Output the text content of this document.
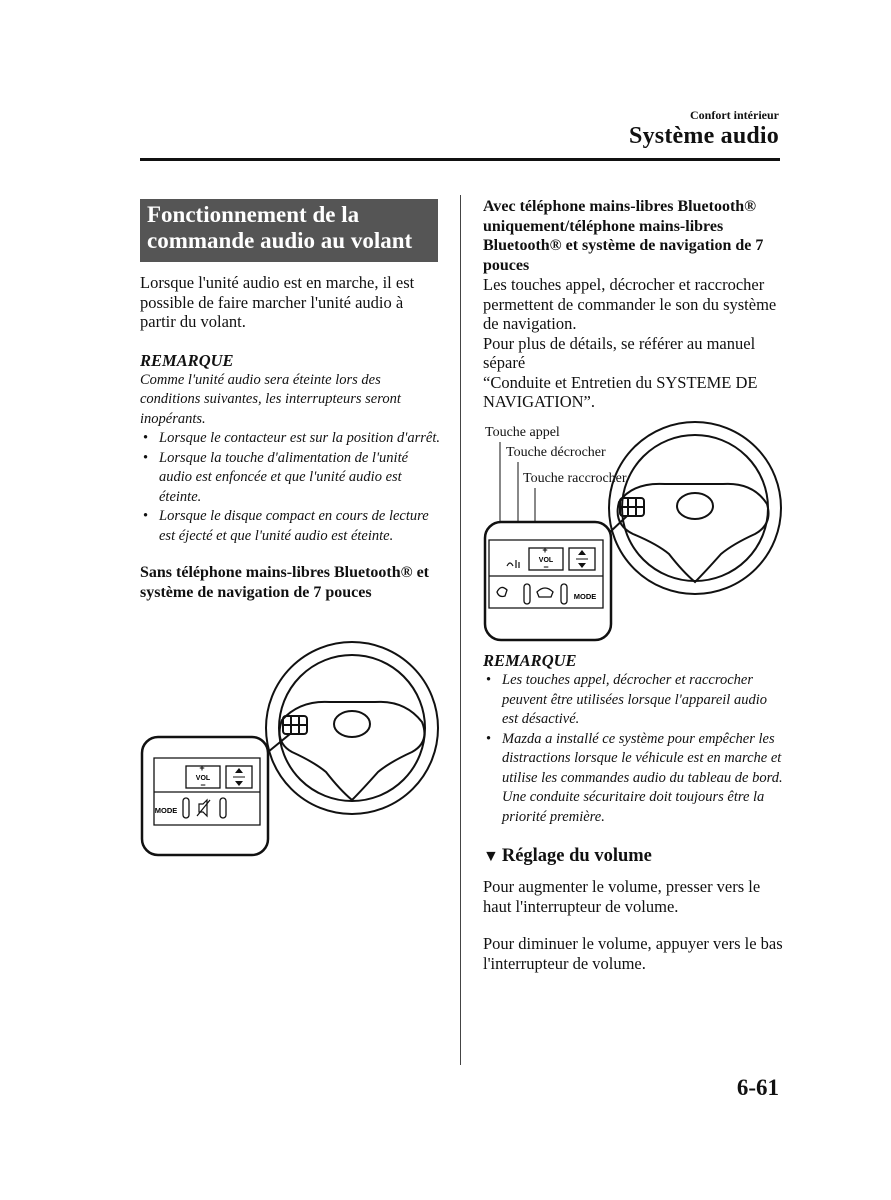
Confort intérieur
Système audio
Fonctionnement de la
commande audio au volant

Lorsque l'unité audio est en marche, il est possible de faire marcher l'unité audio à partir du volant.

REMARQUE

Comme l'unité audio sera éteinte lors des conditions suivantes, les interrupteurs seront inopérants.

• Lorsque le contacteur est sur la position d'arrêt.
• Lorsque la touche d'alimentation de l'unité audio est enfoncée et que l'unité audio est éteinte.
• Lorsque le disque compact en cours de lecture est éjecté et que l'unité audio est éteinte.

Sans téléphone mains-libres Bluetooth® et système de navigation de 7 pouces

+
VOL
−
MODE

Avec téléphone mains-libres Bluetooth® uniquement/téléphone mains-libres Bluetooth® et système de navigation de 7 pouces

Les touches appel, décrocher et raccrocher permettent de commander le son du système de navigation.

Pour plus de détails, se référer au manuel séparé

“Conduite et Entretien du SYSTEME DE NAVIGATION”.

Touche appel
Touche décrocher
Touche raccrocher
+
VOL
−
MODE

REMARQUE

• Les touches appel, décrocher et raccrocher peuvent être utilisées lorsque l'appareil audio est désactivé.
• Mazda a installé ce système pour empêcher les distractions lorsque le véhicule est en marche et utilise les commandes audio du tableau de bord.

Une conduite sécuritaire doit toujours être la priorité première.

▼ Réglage du volume

Pour augmenter le volume, presser vers le haut l'interrupteur de volume.

Pour diminuer le volume, appuyer vers le bas l'interrupteur de volume.

6-61
